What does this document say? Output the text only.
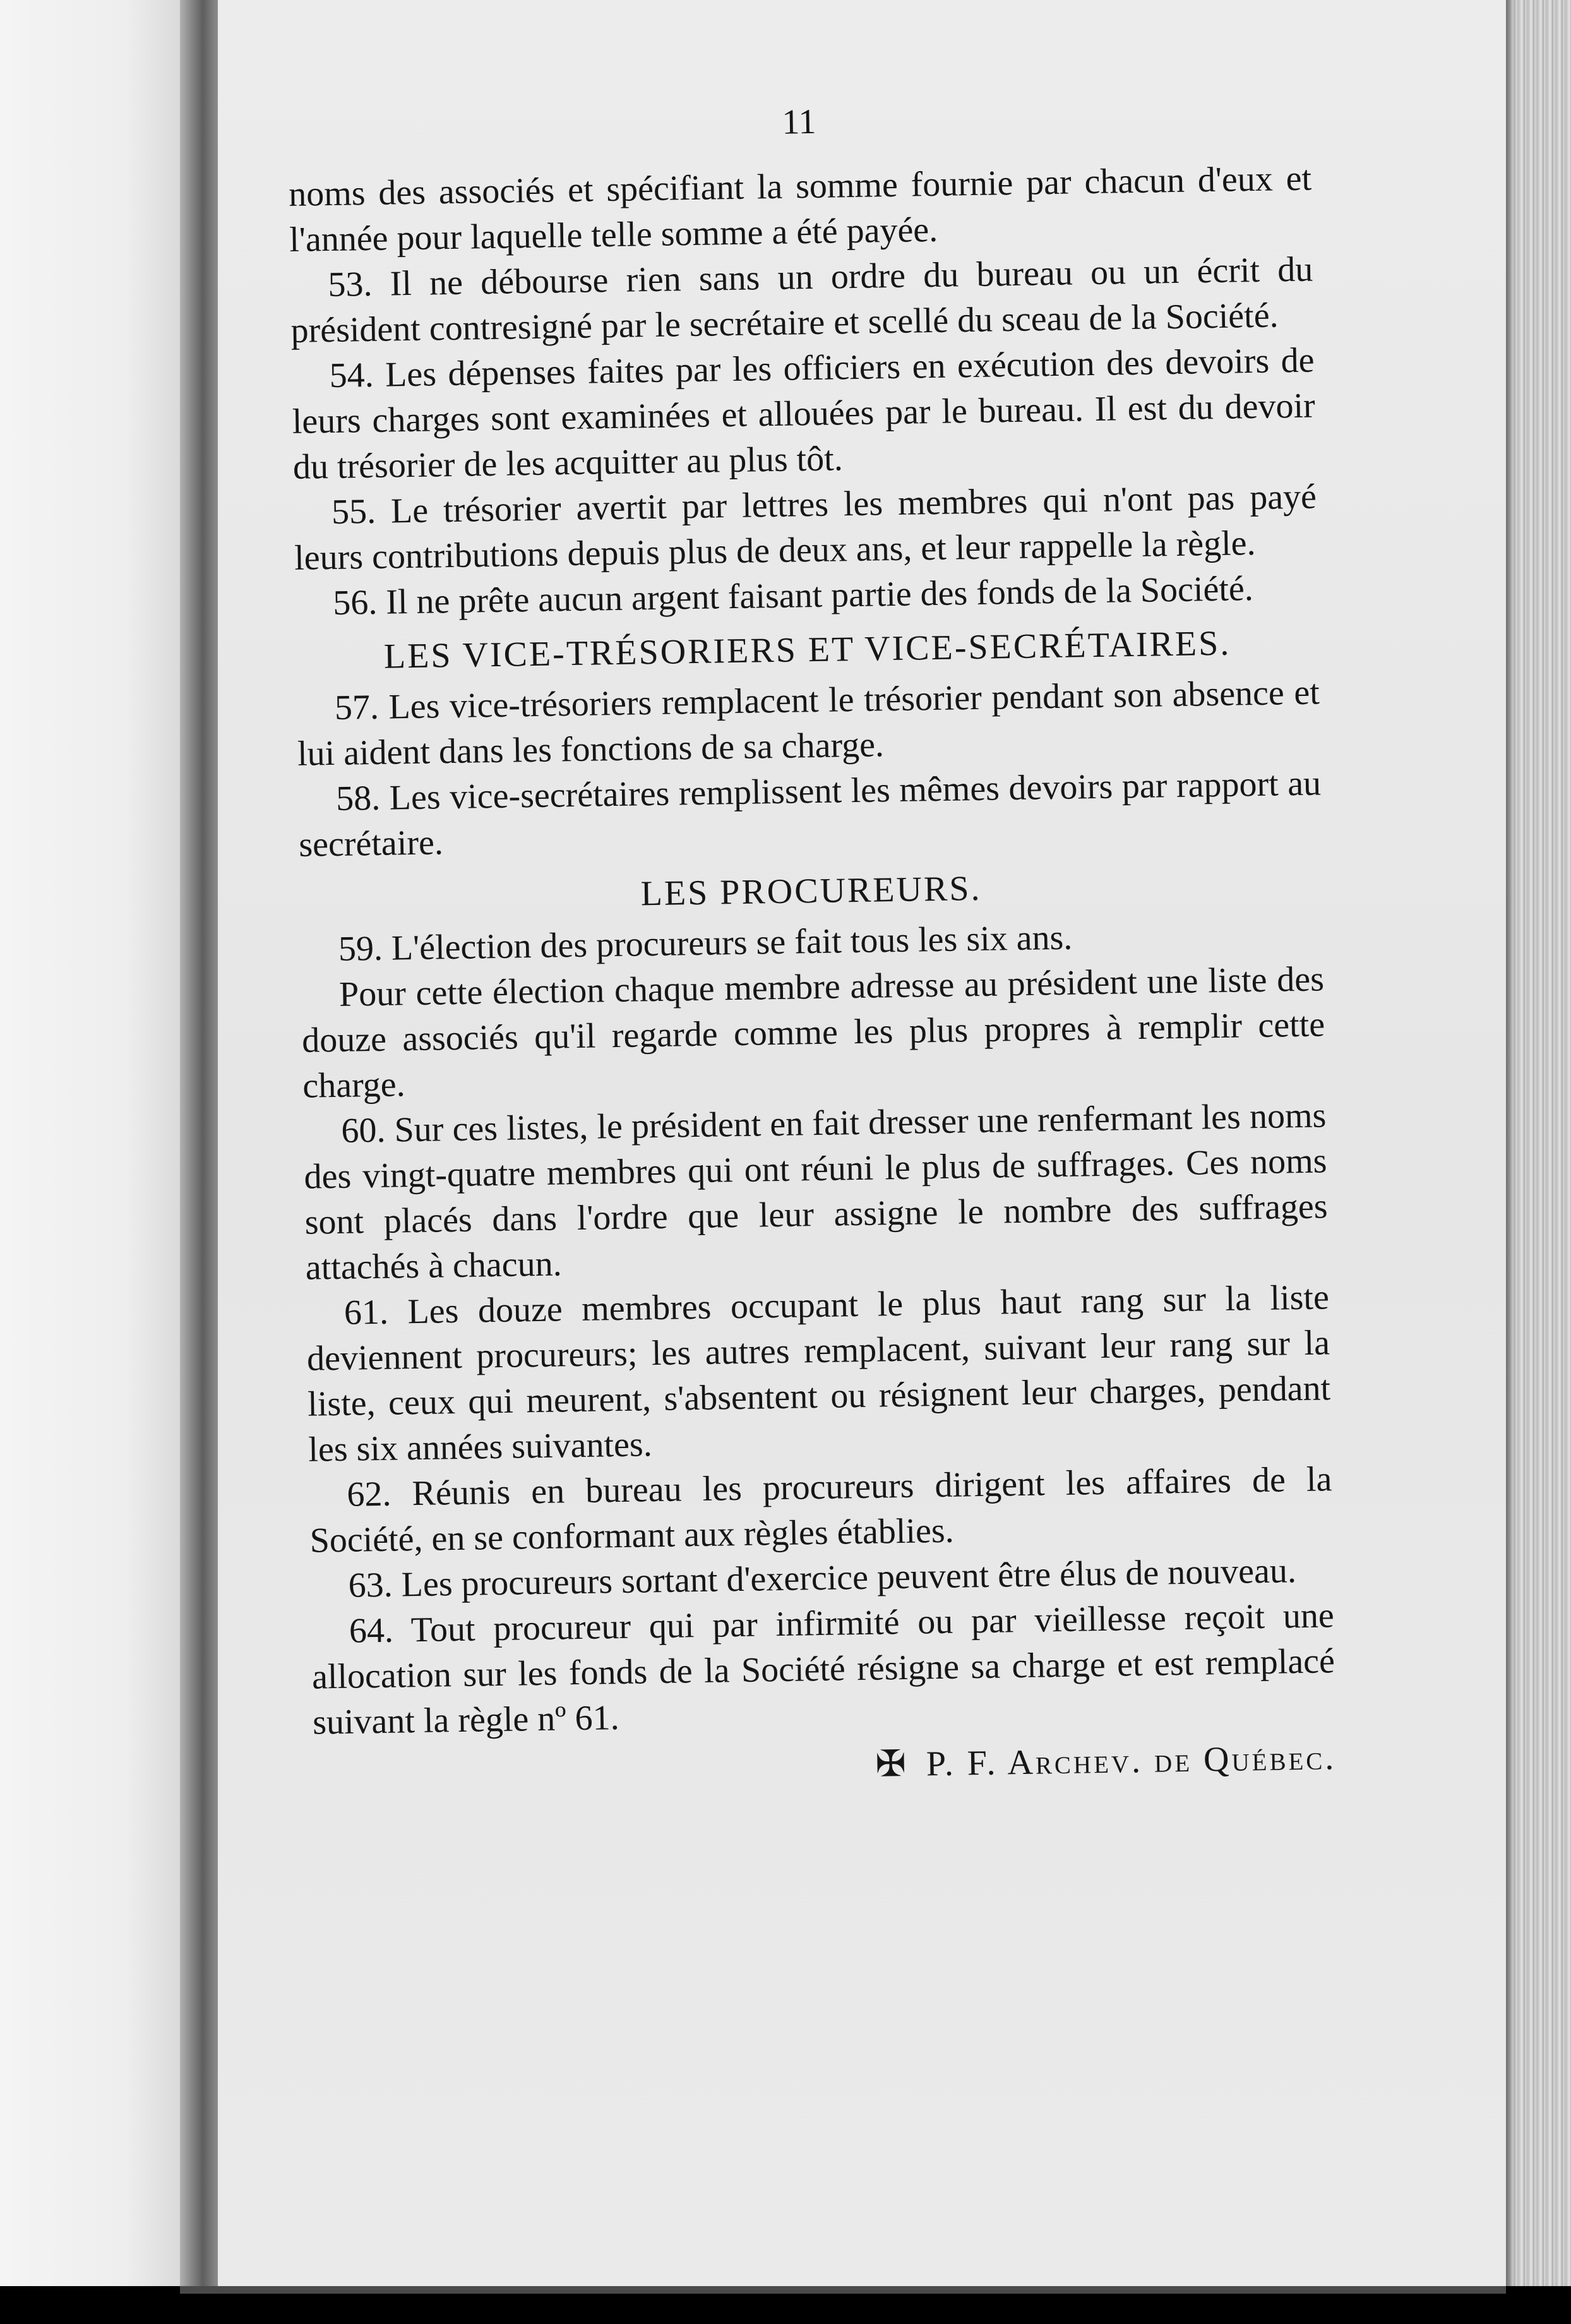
11

noms des associés et spécifiant la somme fournie par chacun d'eux et l'année pour laquelle telle somme a été payée.

53. Il ne débourse rien sans un ordre du bureau ou un écrit du président contresigné par le secrétaire et scellé du sceau de la Société.

54. Les dépenses faites par les officiers en exécution des devoirs de leurs charges sont examinées et allouées par le bureau. Il est du devoir du trésorier de les acquitter au plus tôt.

55. Le trésorier avertit par lettres les membres qui n'ont pas payé leurs contributions depuis plus de deux ans, et leur rappelle la règle.

56. Il ne prête aucun argent faisant partie des fonds de la Société.

LES VICE-TRÉSORIERS ET VICE-SECRÉTAIRES.

57. Les vice-trésoriers remplacent le trésorier pendant son absence et lui aident dans les fonctions de sa charge.

58. Les vice-secrétaires remplissent les mêmes devoirs par rapport au secrétaire.

LES PROCUREURS.

59. L'élection des procureurs se fait tous les six ans.

Pour cette élection chaque membre adresse au président une liste des douze associés qu'il regarde comme les plus propres à remplir cette charge.

60. Sur ces listes, le président en fait dresser une renfermant les noms des vingt-quatre membres qui ont réuni le plus de suffrages. Ces noms sont placés dans l'ordre que leur assigne le nombre des suffrages attachés à chacun.

61. Les douze membres occupant le plus haut rang sur la liste deviennent procureurs; les autres remplacent, suivant leur rang sur la liste, ceux qui meurent, s'absentent ou résignent leur charges, pendant les six années suivantes.

62. Réunis en bureau les procureurs dirigent les affaires de la Société, en se conformant aux règles établies.

63. Les procureurs sortant d'exercice peuvent être élus de nouveau.

64. Tout procureur qui par infirmité ou par vieillesse reçoit une allocation sur les fonds de la Société résigne sa charge et est remplacé suivant la règle nº 61.

✠ P. F. Archev. de Québec.
